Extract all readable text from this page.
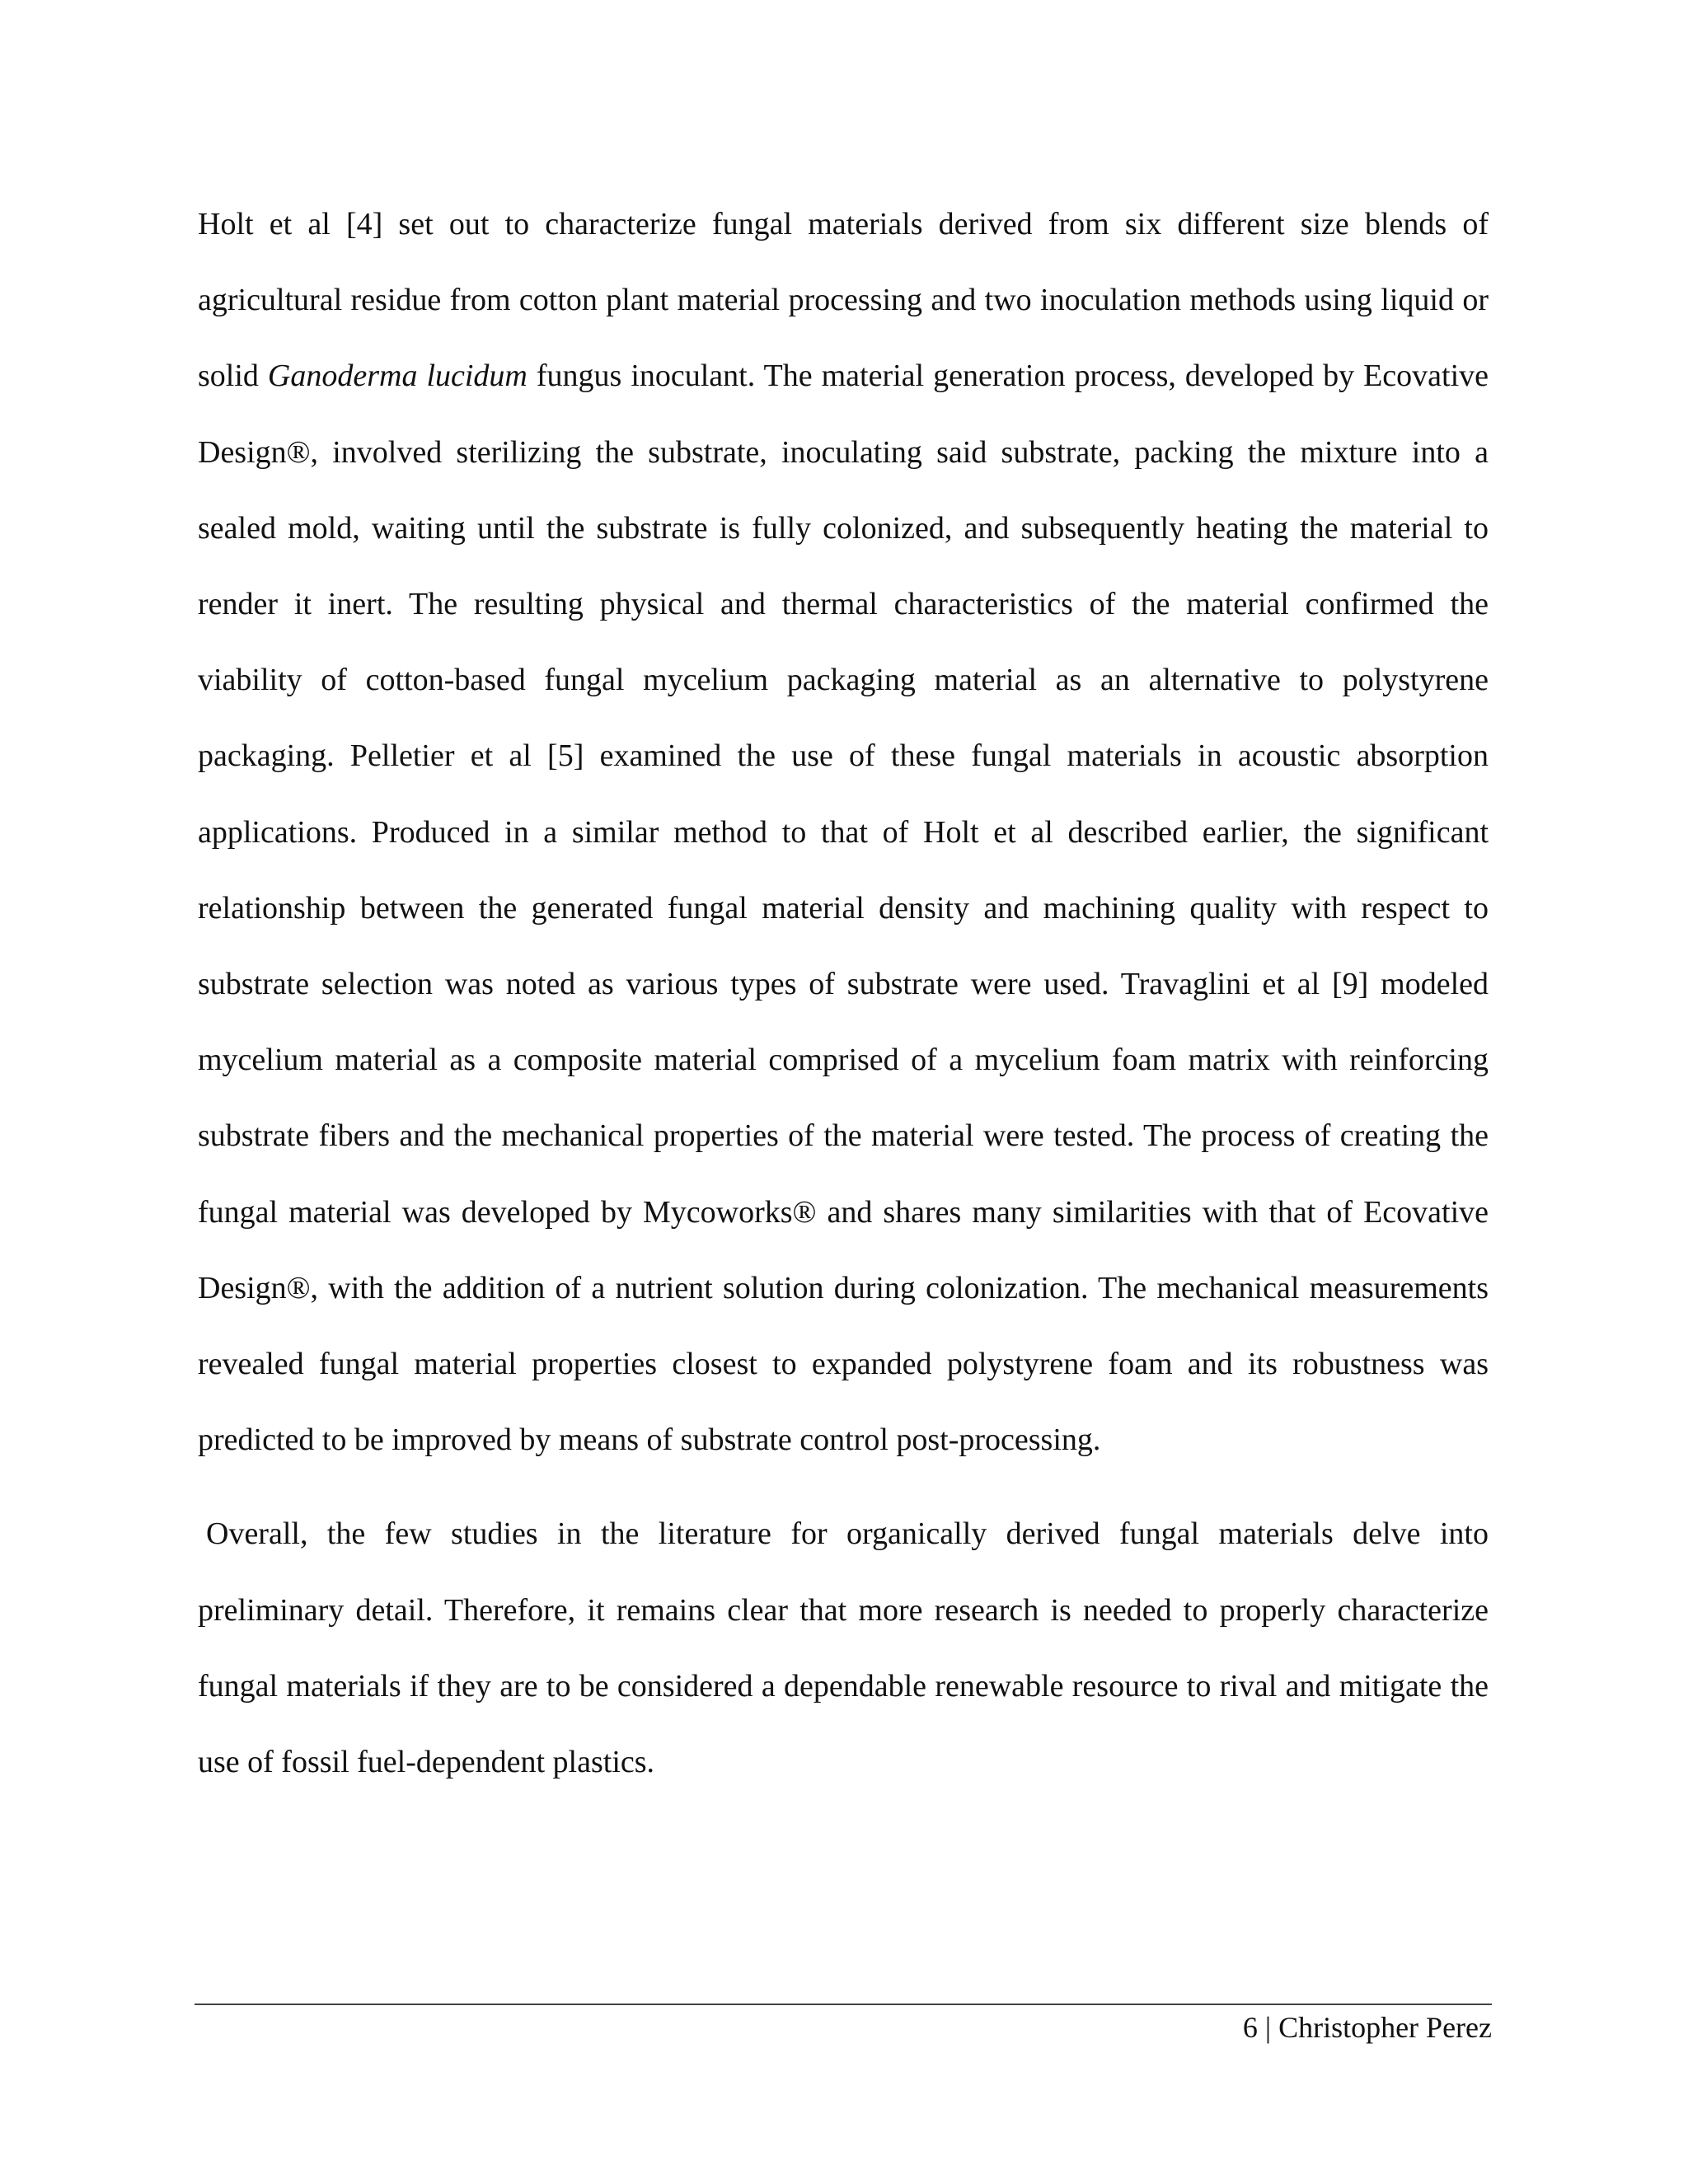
Holt et al [4] set out to characterize fungal materials derived from six different size blends of agricultural residue from cotton plant material processing and two inoculation methods using liquid or solid Ganoderma lucidum fungus inoculant. The material generation process, developed by Ecovative Design®, involved sterilizing the substrate, inoculating said substrate, packing the mixture into a sealed mold, waiting until the substrate is fully colonized, and subsequently heating the material to render it inert. The resulting physical and thermal characteristics of the material confirmed the viability of cotton-based fungal mycelium packaging material as an alternative to polystyrene packaging. Pelletier et al [5] examined the use of these fungal materials in acoustic absorption applications. Produced in a similar method to that of Holt et al described earlier, the significant relationship between the generated fungal material density and machining quality with respect to substrate selection was noted as various types of substrate were used. Travaglini et al [9] modeled mycelium material as a composite material comprised of a mycelium foam matrix with reinforcing substrate fibers and the mechanical properties of the material were tested. The process of creating the fungal material was developed by Mycoworks® and shares many similarities with that of Ecovative Design®, with the addition of a nutrient solution during colonization. The mechanical measurements revealed fungal material properties closest to expanded polystyrene foam and its robustness was predicted to be improved by means of substrate control post-processing.

Overall, the few studies in the literature for organically derived fungal materials delve into preliminary detail. Therefore, it remains clear that more research is needed to properly characterize fungal materials if they are to be considered a dependable renewable resource to rival and mitigate the use of fossil fuel-dependent plastics.

6 | Christopher Perez
